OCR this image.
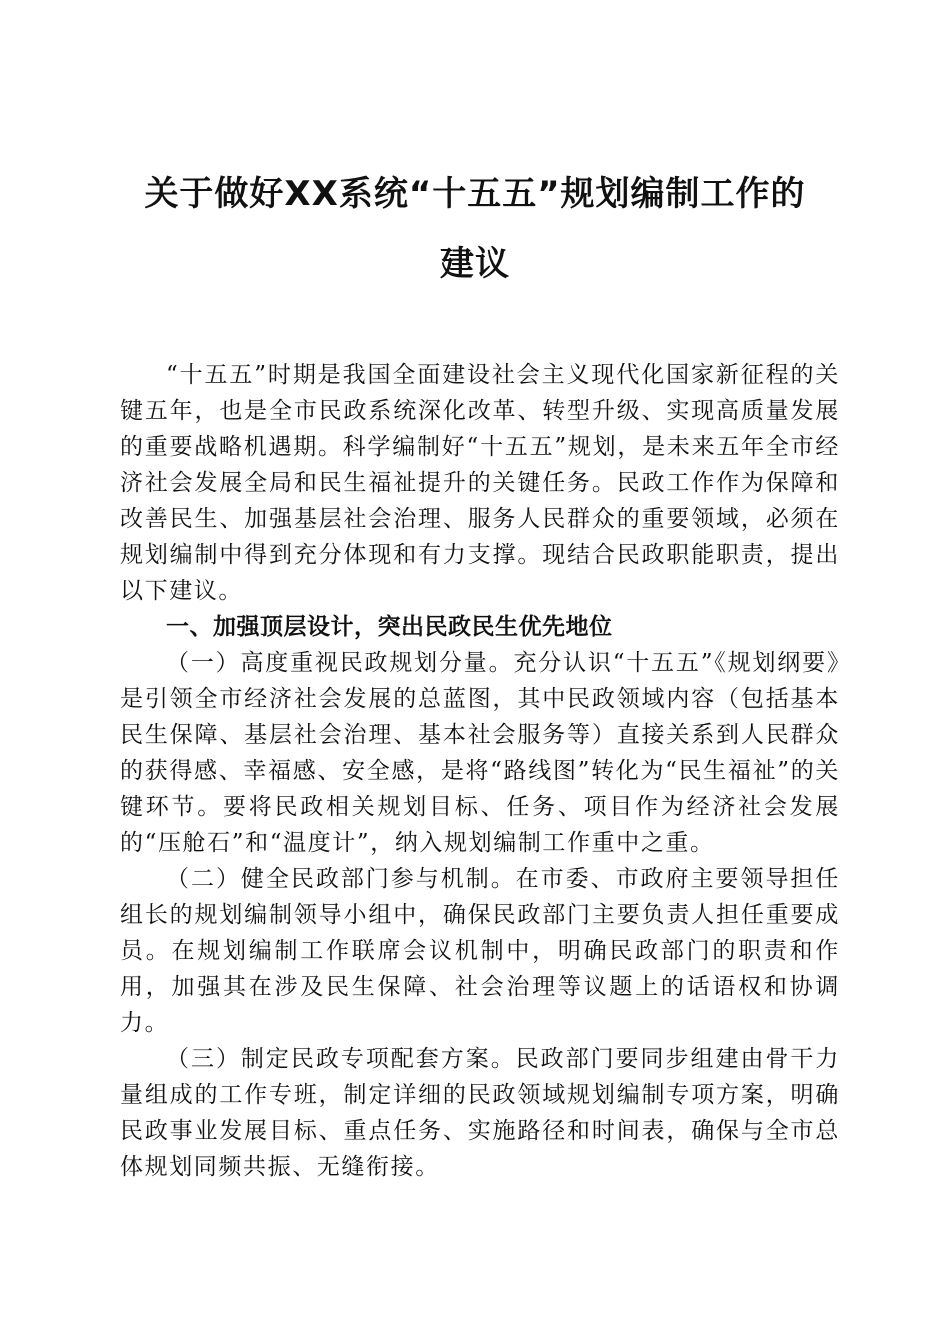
关于做好XX系统“十五五”规划编制工作的
建议

“十五五”时期是我国全面建设社会主义现代化国家新征程的关键五年，也是全市民政系统深化改革、转型升级、实现高质量发展的重要战略机遇期。科学编制好“十五五”规划，是未来五年全市经济社会发展全局和民生福祉提升的关键任务。民政工作作为保障和改善民生、加强基层社会治理、服务人民群众的重要领域，必须在规划编制中得到充分体现和有力支撑。现结合民政职能职责，提出以下建议。

一、加强顶层设计，突出民政民生优先地位

（一）高度重视民政规划分量。充分认识“十五五”《规划纲要》是引领全市经济社会发展的总蓝图，其中民政领域内容（包括基本民生保障、基层社会治理、基本社会服务等）直接关系到人民群众的获得感、幸福感、安全感，是将“路线图”转化为“民生福祉”的关键环节。要将民政相关规划目标、任务、项目作为经济社会发展的“压舱石”和“温度计”，纳入规划编制工作重中之重。

（二）健全民政部门参与机制。在市委、市政府主要领导担任组长的规划编制领导小组中，确保民政部门主要负责人担任重要成员。在规划编制工作联席会议机制中，明确民政部门的职责和作用，加强其在涉及民生保障、社会治理等议题上的话语权和协调力。

（三）制定民政专项配套方案。民政部门要同步组建由骨干力量组成的工作专班，制定详细的民政领域规划编制专项方案，明确民政事业发展目标、重点任务、实施路径和时间表，确保与全市总体规划同频共振、无缝衔接。
